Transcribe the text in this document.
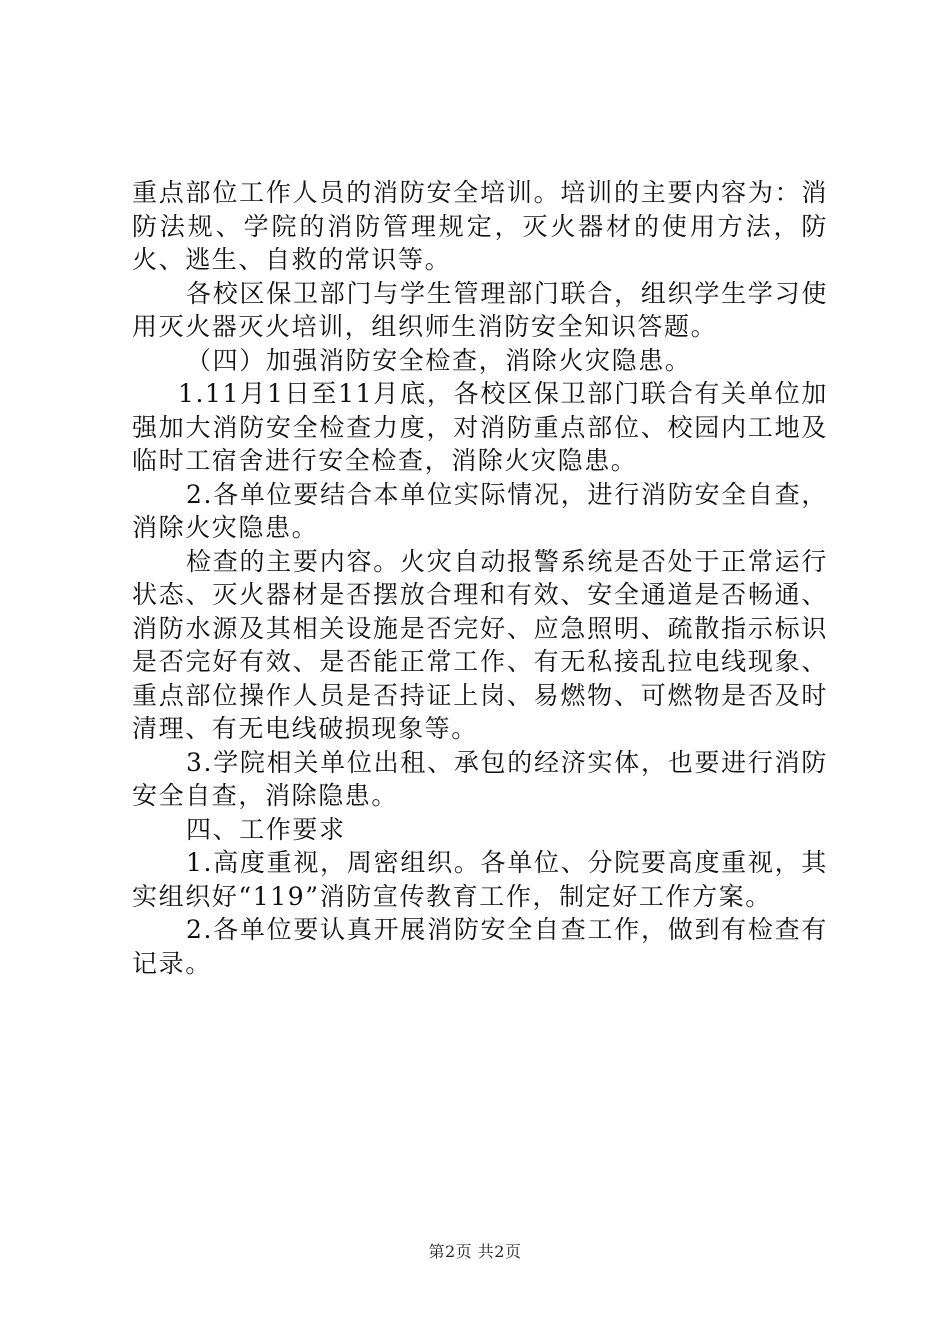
重点部位工作人员的消防安全培训。培训的主要内容为：消防法规、学院的消防管理规定，灭火器材的使用方法，防火、逃生、自救的常识等。

各校区保卫部门与学生管理部门联合，组织学生学习使用灭火器灭火培训，组织师生消防安全知识答题。

（四）加强消防安全检查，消除火灾隐患。

1.11月1日至11月底，各校区保卫部门联合有关单位加强加大消防安全检查力度，对消防重点部位、校园内工地及临时工宿舍进行安全检查，消除火灾隐患。

2.各单位要结合本单位实际情况，进行消防安全自查，消除火灾隐患。

检查的主要内容。火灾自动报警系统是否处于正常运行状态、灭火器材是否摆放合理和有效、安全通道是否畅通、消防水源及其相关设施是否完好、应急照明、疏散指示标识是否完好有效、是否能正常工作、有无私接乱拉电线现象、重点部位操作人员是否持证上岗、易燃物、可燃物是否及时清理、有无电线破损现象等。

3.学院相关单位出租、承包的经济实体，也要进行消防安全自查，消除隐患。

四、工作要求

1.高度重视，周密组织。各单位、分院要高度重视，其实组织好“119”消防宣传教育工作，制定好工作方案。

2.各单位要认真开展消防安全自查工作，做到有检查有记录。

第2页 共2页
